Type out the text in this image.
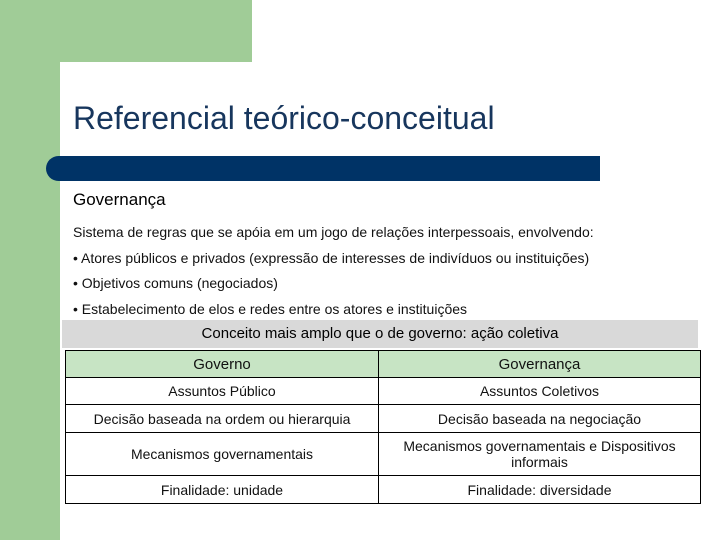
Referencial teórico-conceitual
Governança
Sistema de regras que se apóia em um jogo de relações interpessoais, envolvendo:
• Atores públicos e privados (expressão de interesses de indivíduos ou instituições)
• Objetivos comuns (negociados)
• Estabelecimento de elos e redes entre os atores e instituições
Conceito mais amplo que o de governo: ação coletiva
Governo	Governança
Assuntos Público	Assuntos Coletivos
Decisão baseada na ordem ou hierarquia	Decisão baseada na negociação
Mecanismos governamentais	Mecanismos governamentais e Dispositivos informais
Finalidade: unidade	Finalidade: diversidade
